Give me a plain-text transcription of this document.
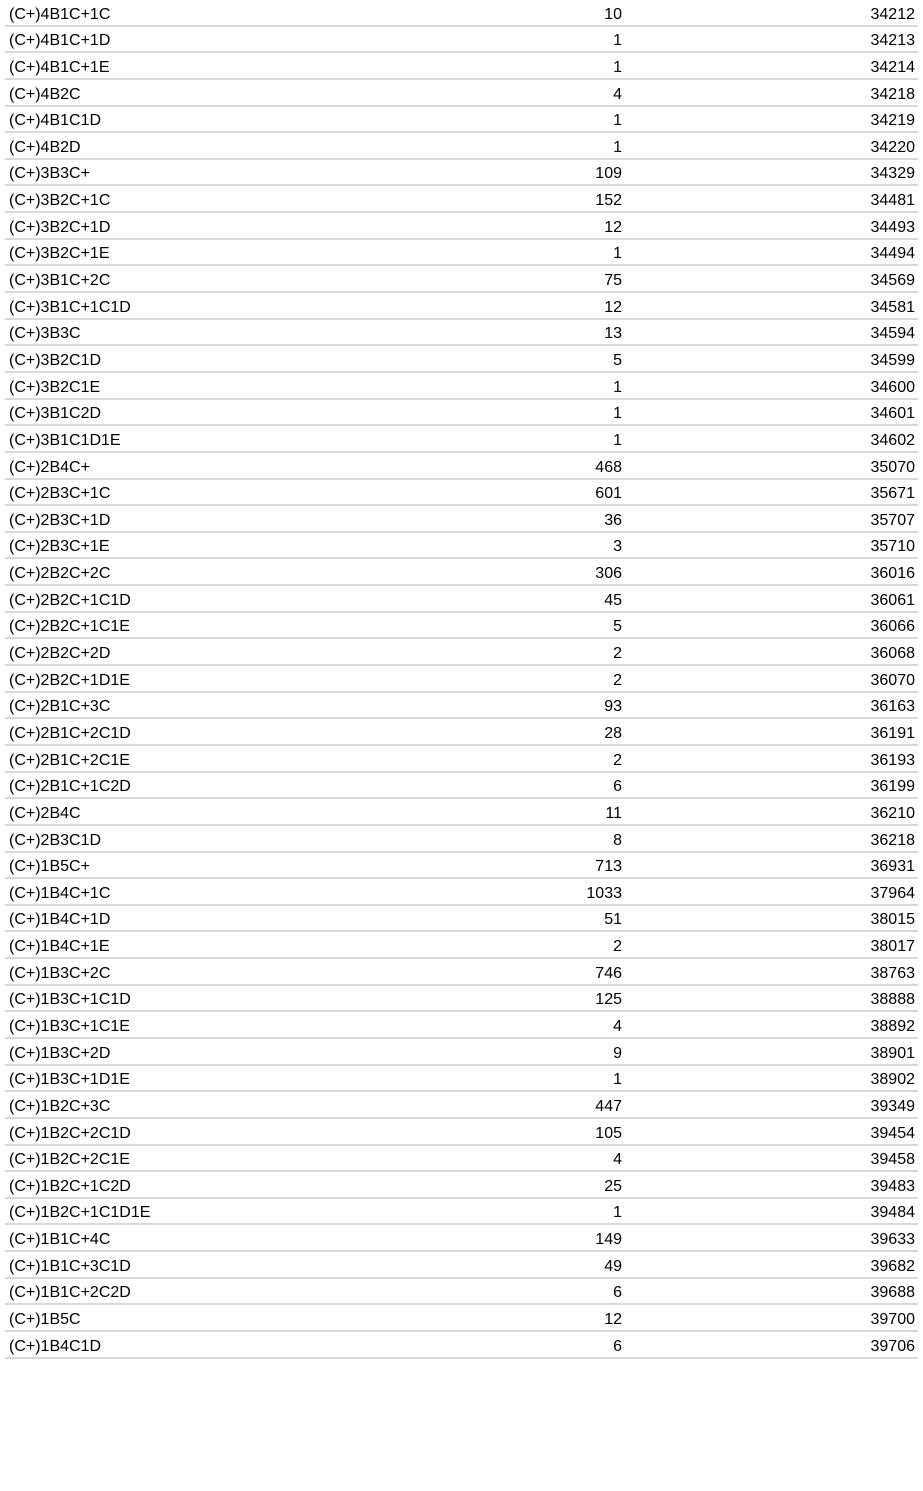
(C+)4B1C+1C	10	34212
(C+)4B1C+1D	1	34213
(C+)4B1C+1E	1	34214
(C+)4B2C	4	34218
(C+)4B1C1D	1	34219
(C+)4B2D	1	34220
(C+)3B3C+	109	34329
(C+)3B2C+1C	152	34481
(C+)3B2C+1D	12	34493
(C+)3B2C+1E	1	34494
(C+)3B1C+2C	75	34569
(C+)3B1C+1C1D	12	34581
(C+)3B3C	13	34594
(C+)3B2C1D	5	34599
(C+)3B2C1E	1	34600
(C+)3B1C2D	1	34601
(C+)3B1C1D1E	1	34602
(C+)2B4C+	468	35070
(C+)2B3C+1C	601	35671
(C+)2B3C+1D	36	35707
(C+)2B3C+1E	3	35710
(C+)2B2C+2C	306	36016
(C+)2B2C+1C1D	45	36061
(C+)2B2C+1C1E	5	36066
(C+)2B2C+2D	2	36068
(C+)2B2C+1D1E	2	36070
(C+)2B1C+3C	93	36163
(C+)2B1C+2C1D	28	36191
(C+)2B1C+2C1E	2	36193
(C+)2B1C+1C2D	6	36199
(C+)2B4C	11	36210
(C+)2B3C1D	8	36218
(C+)1B5C+	713	36931
(C+)1B4C+1C	1033	37964
(C+)1B4C+1D	51	38015
(C+)1B4C+1E	2	38017
(C+)1B3C+2C	746	38763
(C+)1B3C+1C1D	125	38888
(C+)1B3C+1C1E	4	38892
(C+)1B3C+2D	9	38901
(C+)1B3C+1D1E	1	38902
(C+)1B2C+3C	447	39349
(C+)1B2C+2C1D	105	39454
(C+)1B2C+2C1E	4	39458
(C+)1B2C+1C2D	25	39483
(C+)1B2C+1C1D1E	1	39484
(C+)1B1C+4C	149	39633
(C+)1B1C+3C1D	49	39682
(C+)1B1C+2C2D	6	39688
(C+)1B5C	12	39700
(C+)1B4C1D	6	39706
